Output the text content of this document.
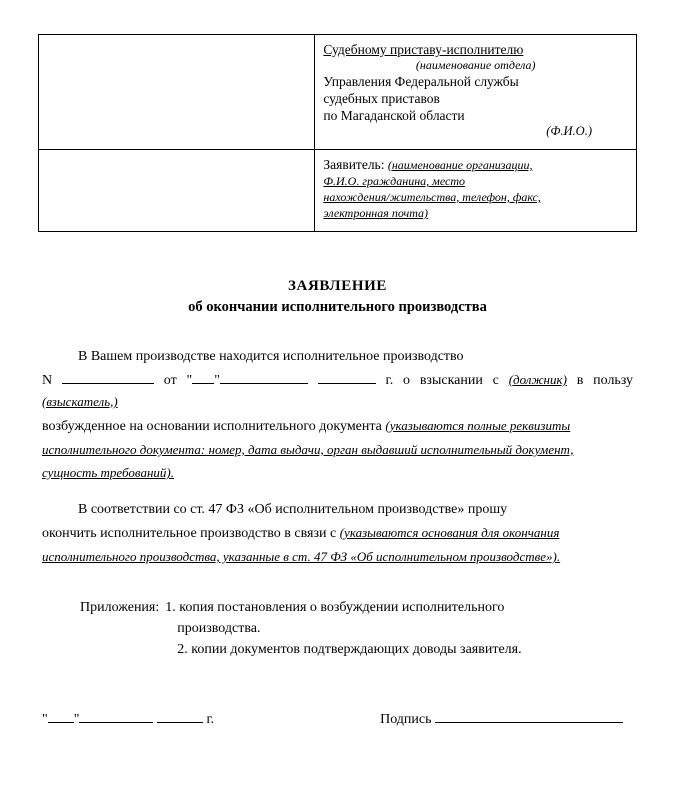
Судебному приставу-исполнителю
(наименование отдела)
Управления Федеральной службы
судебных приставов
по Магаданской области
(Ф.И.О.)

	Заявитель: (наименование организации,
Ф.И.О. гражданина, место
нахождения/жительства, телефон, факс,
электронная почта)
ЗАЯВЛЕНИЕ
об окончании исполнительного производства

В Вашем производстве находится исполнительное производство

N	от " "	г. о взыскании с (должник) в пользу (взыскатель,)

возбужденное на основании исполнительного документа (указываются полные реквизиты

исполнительного документа: номер, дата выдачи, орган выдавший исполнительный документ,

сущность требований).

В соответствии со ст. 47 ФЗ «Об исполнительном производстве» прошу

окончить исполнительное производство в связи с (указываются основания для окончания

исполнительного производства, указанные в ст. 47 ФЗ «Об исполнительном производстве»).

Приложения: 1. копия постановления о возбуждении исполнительного
производства.
2. копии документов подтверждающих доводы заявителя.
" "	г.	Подпись
